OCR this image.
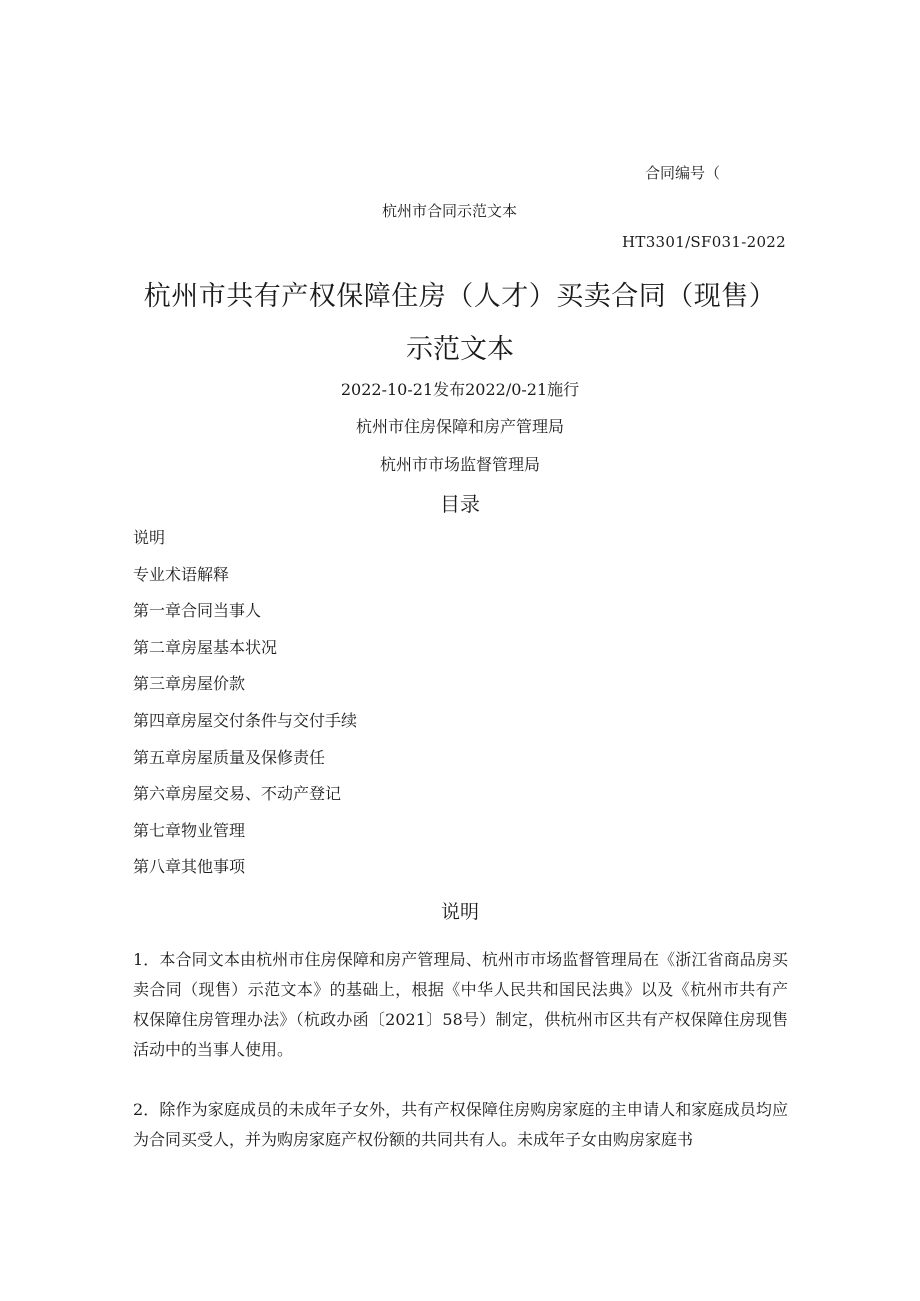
合同编号（
杭州市合同示范文本
HT3301/SF031-2022
杭州市共有产权保障住房（人才）买卖合同（现售）
示范文本
2022-10-21发布2022/0-21施行
杭州市住房保障和房产管理局
杭州市市场监督管理局
目录
说明
专业术语解释
第一章合同当事人
第二章房屋基本状况
第三章房屋价款
第四章房屋交付条件与交付手续
第五章房屋质量及保修责任
第六章房屋交易、不动产登记
第七章物业管理
第八章其他事项
说明

1．本合同文本由杭州市住房保障和房产管理局、杭州市市场监督管理局在《浙江省商品房买卖合同（现售）示范文本》的基础上，根据《中华人民共和国民法典》以及《杭州市共有产权保障住房管理办法》（杭政办函〔2021〕58号）制定，供杭州市区共有产权保障住房现售活动中的当事人使用。

2．除作为家庭成员的未成年子女外，共有产权保障住房购房家庭的主申请人和家庭成员均应为合同买受人，并为购房家庭产权份额的共同共有人。未成年子女由购房家庭书
